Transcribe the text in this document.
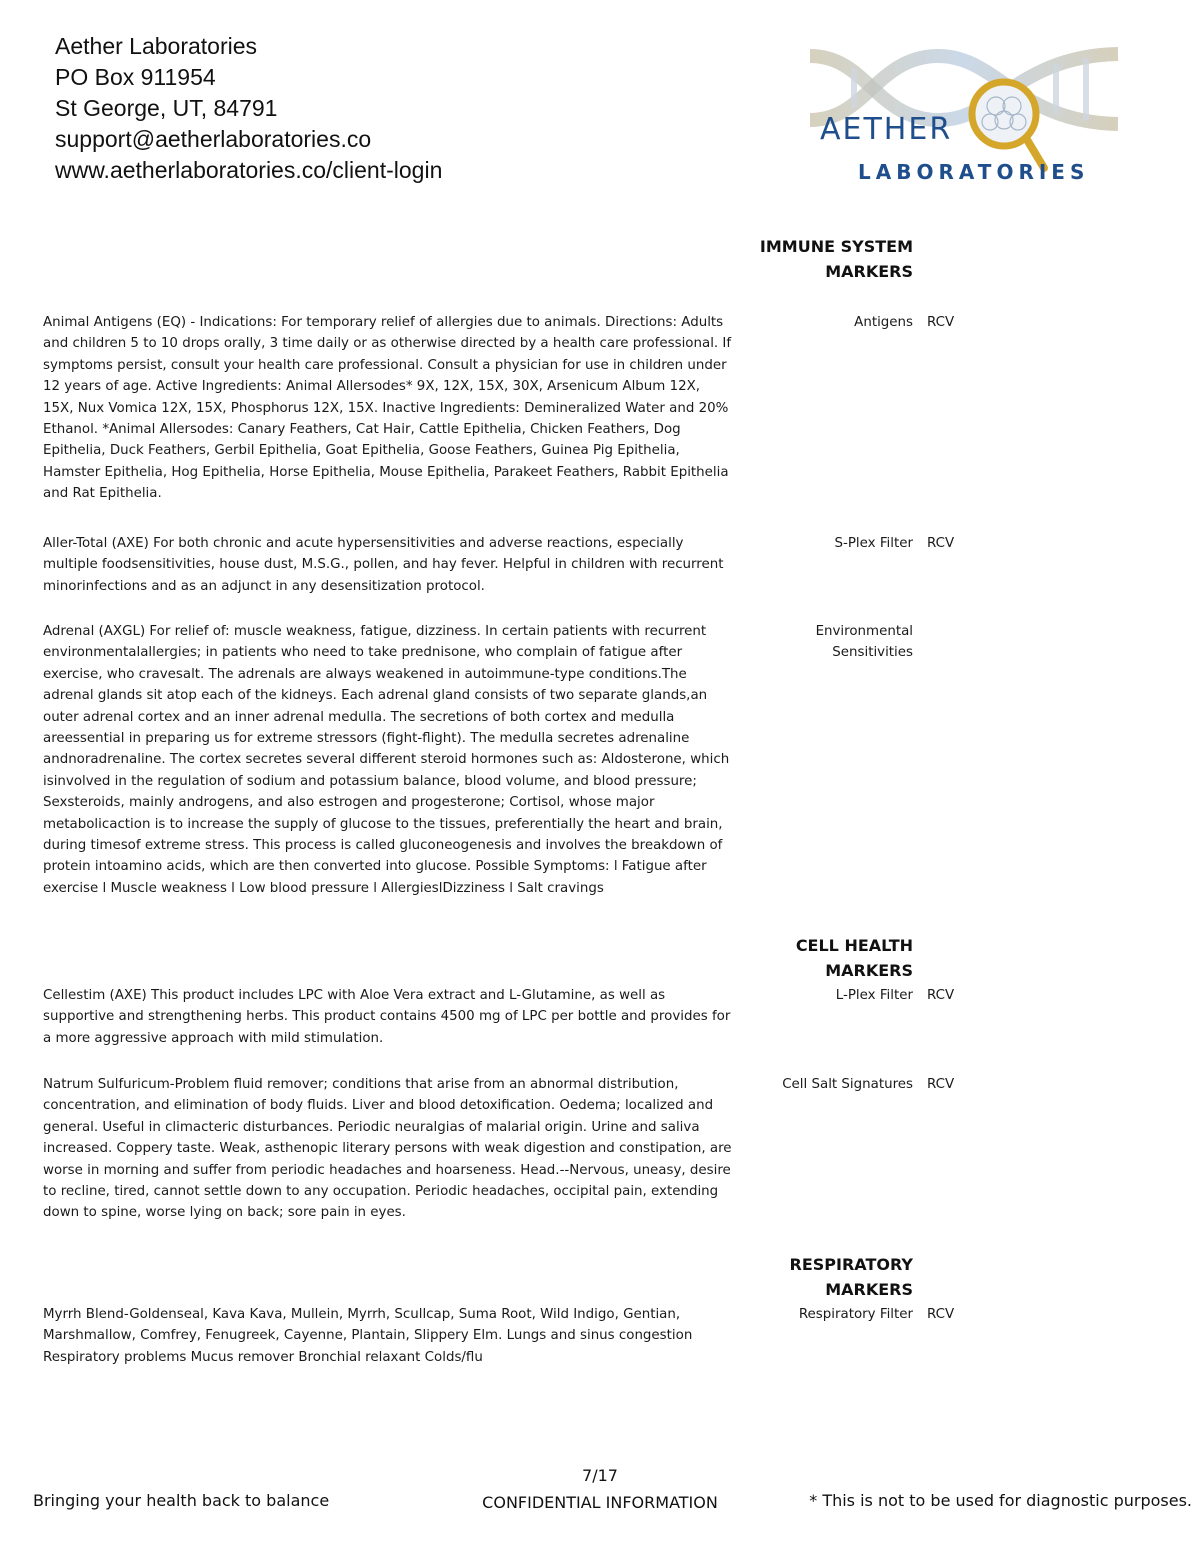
Aether Laboratories
PO Box 911954
St George, UT, 84791
support@aetherlaboratories.co
www.aetherlaboratories.co/client-login
AETHER
LABORATORIES
IMMUNE SYSTEM
MARKERS
Animal Antigens (EQ) - Indications: For temporary relief of allergies due to animals. Directions: Adults and children 5 to 10 drops orally, 3 time daily or as otherwise directed by a health care professional. If symptoms persist, consult your health care professional. Consult a physician for use in children under 12 years of age. Active Ingredients: Animal Allersodes* 9X, 12X, 15X, 30X, Arsenicum Album 12X, 15X, Nux Vomica 12X, 15X, Phosphorus 12X, 15X. Inactive Ingredients: Demineralized Water and 20% Ethanol. *Animal Allersodes: Canary Feathers, Cat Hair, Cattle Epithelia, Chicken Feathers, Dog Epithelia, Duck Feathers, Gerbil Epithelia, Goat Epithelia, Goose Feathers, Guinea Pig Epithelia, Hamster Epithelia, Hog Epithelia, Horse Epithelia, Mouse Epithelia, Parakeet Feathers, Rabbit Epithelia and Rat Epithelia.
Antigens RCV
Aller-Total (AXE) For both chronic and acute hypersensitivities and adverse reactions, especially multiple foodsensitivities, house dust, M.S.G., pollen, and hay fever. Helpful in children with recurrent minorinfections and as an adjunct in any desensitization protocol.
S-Plex Filter RCV
Adrenal (AXGL) For relief of: muscle weakness, fatigue, dizziness. In certain patients with recurrent environmentalallergies; in patients who need to take prednisone, who complain of fatigue after exercise, who cravesalt. The adrenals are always weakened in autoimmune-type conditions.The adrenal glands sit atop each of the kidneys. Each adrenal gland consists of two separate glands,an outer adrenal cortex and an inner adrenal medulla. The secretions of both cortex and medulla areessential in preparing us for extreme stressors (fight-flight). The medulla secretes adrenaline andnoradrenaline. The cortex secretes several different steroid hormones such as: Aldosterone, which isinvolved in the regulation of sodium and potassium balance, blood volume, and blood pressure; Sexsteroids, mainly androgens, and also estrogen and progesterone; Cortisol, whose major metabolicaction is to increase the supply of glucose to the tissues, preferentially the heart and brain, during timesof extreme stress. This process is called gluconeogenesis and involves the breakdown of protein intoamino acids, which are then converted into glucose. Possible Symptoms: l Fatigue after exercise l Muscle weakness l Low blood pressure l AllergieslDizziness l Salt cravings
Environmental
Sensitivities
CELL HEALTH
MARKERS
Cellestim (AXE) This product includes LPC with Aloe Vera extract and L-Glutamine, as well as supportive and strengthening herbs. This product contains 4500 mg of LPC per bottle and provides for a more aggressive approach with mild stimulation.
L-Plex Filter RCV
Natrum Sulfuricum-Problem fluid remover; conditions that arise from an abnormal distribution, concentration, and elimination of body fluids. Liver and blood detoxification. Oedema; localized and general. Useful in climacteric disturbances. Periodic neuralgias of malarial origin. Urine and saliva increased. Coppery taste. Weak, asthenopic literary persons with weak digestion and constipation, are worse in morning and suffer from periodic headaches and hoarseness. Head.--Nervous, uneasy, desire to recline, tired, cannot settle down to any occupation. Periodic headaches, occipital pain, extending down to spine, worse lying on back; sore pain in eyes.
Cell Salt Signatures RCV
RESPIRATORY
MARKERS
Myrrh Blend-Goldenseal, Kava Kava, Mullein, Myrrh, Scullcap, Suma Root, Wild Indigo, Gentian, Marshmallow, Comfrey, Fenugreek, Cayenne, Plantain, Slippery Elm. Lungs and sinus congestion Respiratory problems Mucus remover Bronchial relaxant Colds/flu
Respiratory Filter RCV
Bringing your health back to balance
7/17
CONFIDENTIAL INFORMATION	* This is not to be used for diagnostic purposes.
